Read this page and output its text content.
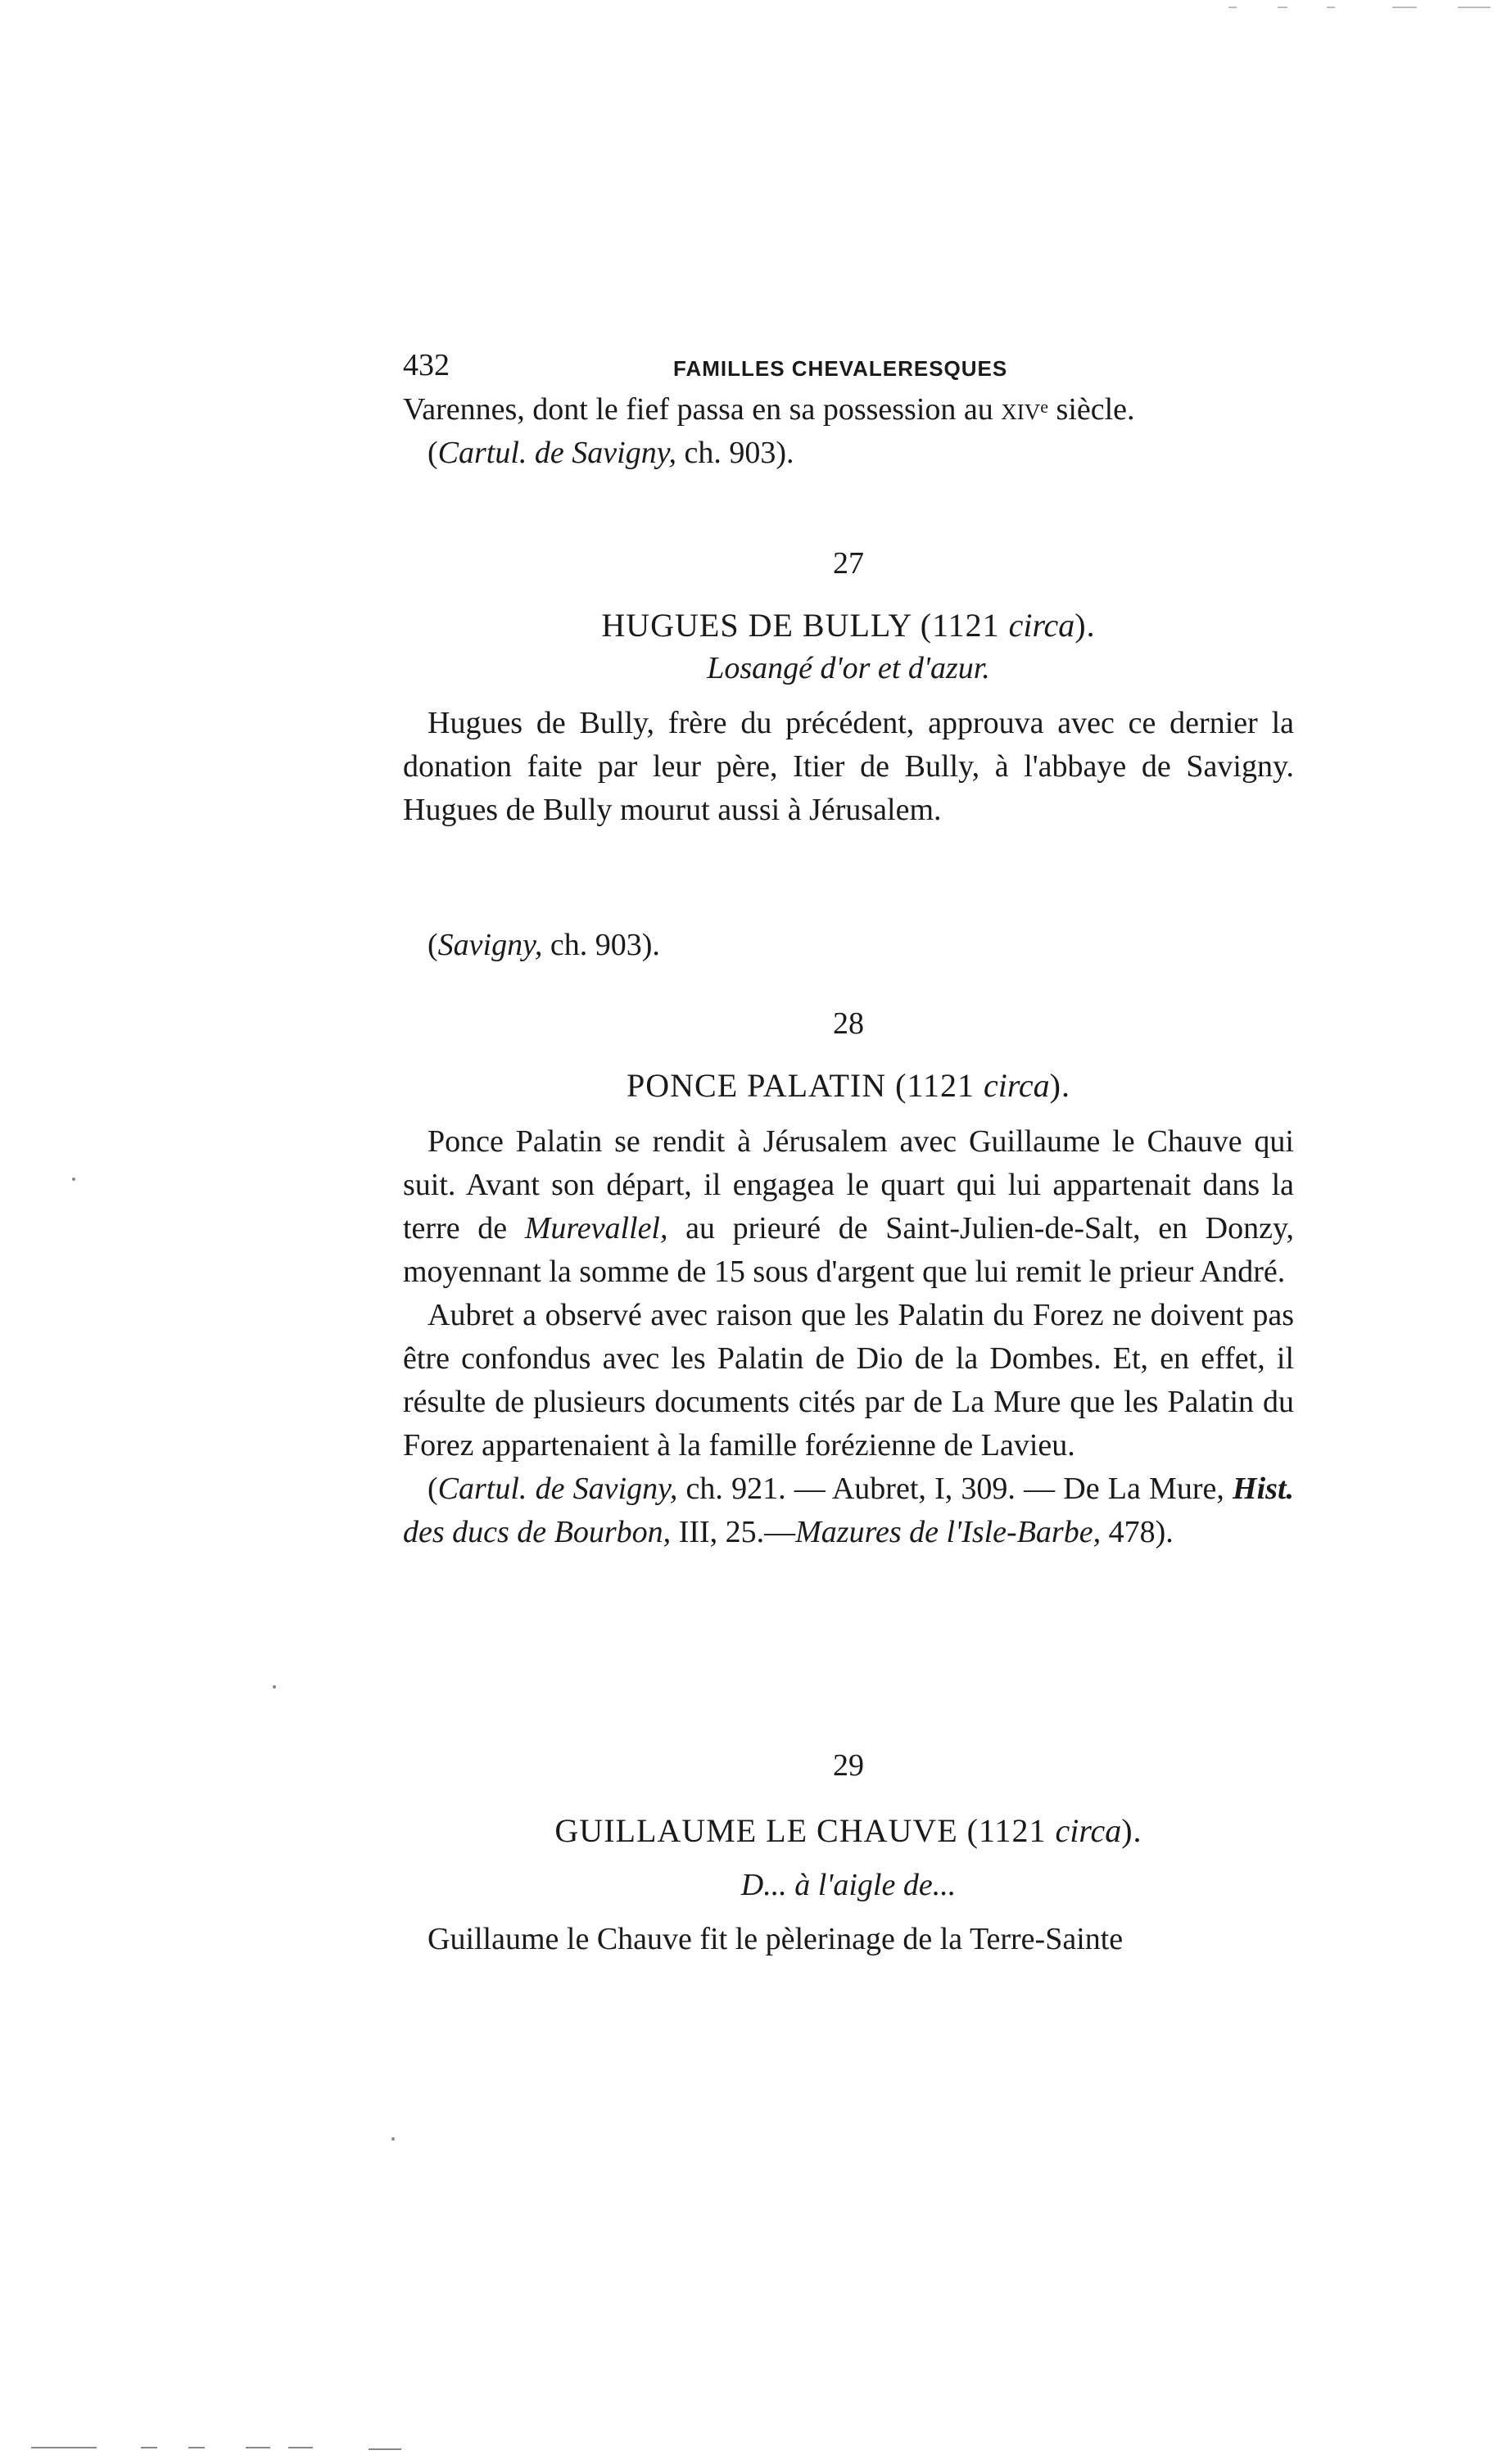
432	FAMILLES CHEVALERESQUES

Varennes, dont le fief passa en sa possession au xiv$^e$ siècle.

(Cartul. de Savigny, ch. 903).

27
HUGUES DE BULLY (1121 circa).
Losangé d'or et d'azur.

Hugues de Bully, frère du précédent, approuva avec ce dernier la donation faite par leur père, Itier de Bully, à l'abbaye de Savigny. Hugues de Bully mourut aussi à Jérusalem.

(Savigny, ch. 903).

28
PONCE PALATIN (1121 circa).

Ponce Palatin se rendit à Jérusalem avec Guillaume le Chauve qui suit. Avant son départ, il engagea le quart qui lui appartenait dans la terre de Murevallel, au prieuré de Saint-Julien-de-Salt, en Donzy, moyennant la somme de 15 sous d'argent que lui remit le prieur André.

Aubret a observé avec raison que les Palatin du Forez ne doivent pas être confondus avec les Palatin de Dio de la Dombes. Et, en effet, il résulte de plusieurs documents cités par de La Mure que les Palatin du Forez appartenaient à la famille forézienne de Lavieu.

(Cartul. de Savigny, ch. 921. — Aubret, I, 309. — De La Mure, Hist. des ducs de Bourbon, III, 25.—Mazures de l'Isle-Barbe, 478).

29
GUILLAUME LE CHAUVE (1121 circa).
D... à l'aigle de...

Guillaume le Chauve fit le pèlerinage de la Terre-Sainte
